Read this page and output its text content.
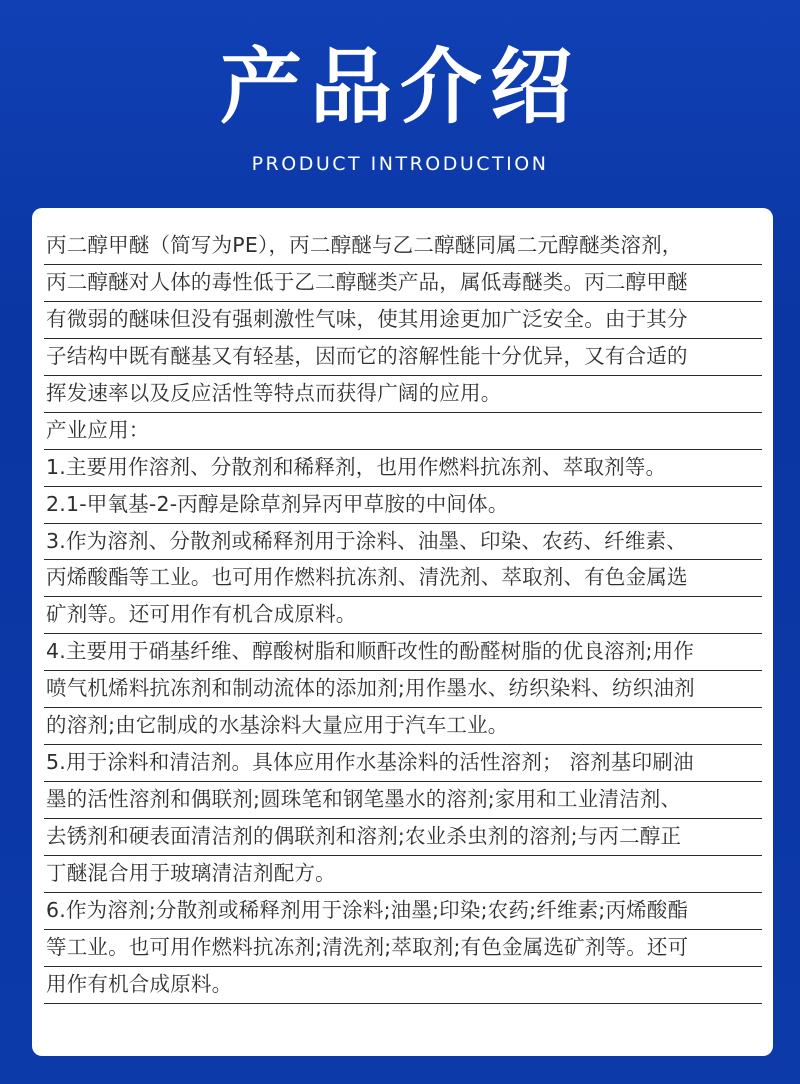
产品介绍
PRODUCT INTRODUCTION
丙二醇甲醚（简写为PE），丙二醇醚与乙二醇醚同属二元醇醚类溶剂，
丙二醇醚对人体的毒性低于乙二醇醚类产品，属低毒醚类。丙二醇甲醚
有微弱的醚味但没有强刺激性气味，使其用途更加广泛安全。由于其分
子结构中既有醚基又有轻基，因而它的溶解性能十分优异，又有合适的
挥发速率以及反应活性等特点而获得广阔的应用。
产业应用：
1.主要用作溶剂、分散剂和稀释剂，也用作燃料抗冻剂、萃取剂等。
2.1-甲氧基-2-丙醇是除草剂异丙甲草胺的中间体。
3.作为溶剂、分散剂或稀释剂用于涂料、油墨、印染、农药、纤维素、
丙烯酸酯等工业。也可用作燃料抗冻剂、清洗剂、萃取剂、有色金属选
矿剂等。还可用作有机合成原料。
4.主要用于硝基纤维、醇酸树脂和顺酐改性的酚醛树脂的优良溶剂;用作
喷气机烯料抗冻剂和制动流体的添加剂;用作墨水、纺织染料、纺织油剂
的溶剂;由它制成的水基涂料大量应用于汽车工业。
5.用于涂料和清洁剂。具体应用作水基涂料的活性溶剂； 溶剂基印刷油
墨的活性溶剂和偶联剂;圆珠笔和钢笔墨水的溶剂;家用和工业清洁剂、
去锈剂和硬表面清洁剂的偶联剂和溶剂;农业杀虫剂的溶剂;与丙二醇正
丁醚混合用于玻璃清洁剂配方。
6.作为溶剂;分散剂或稀释剂用于涂料;油墨;印染;农药;纤维素;丙烯酸酯
等工业。也可用作燃料抗冻剂;清洗剂;萃取剂;有色金属选矿剂等。还可
用作有机合成原料。
